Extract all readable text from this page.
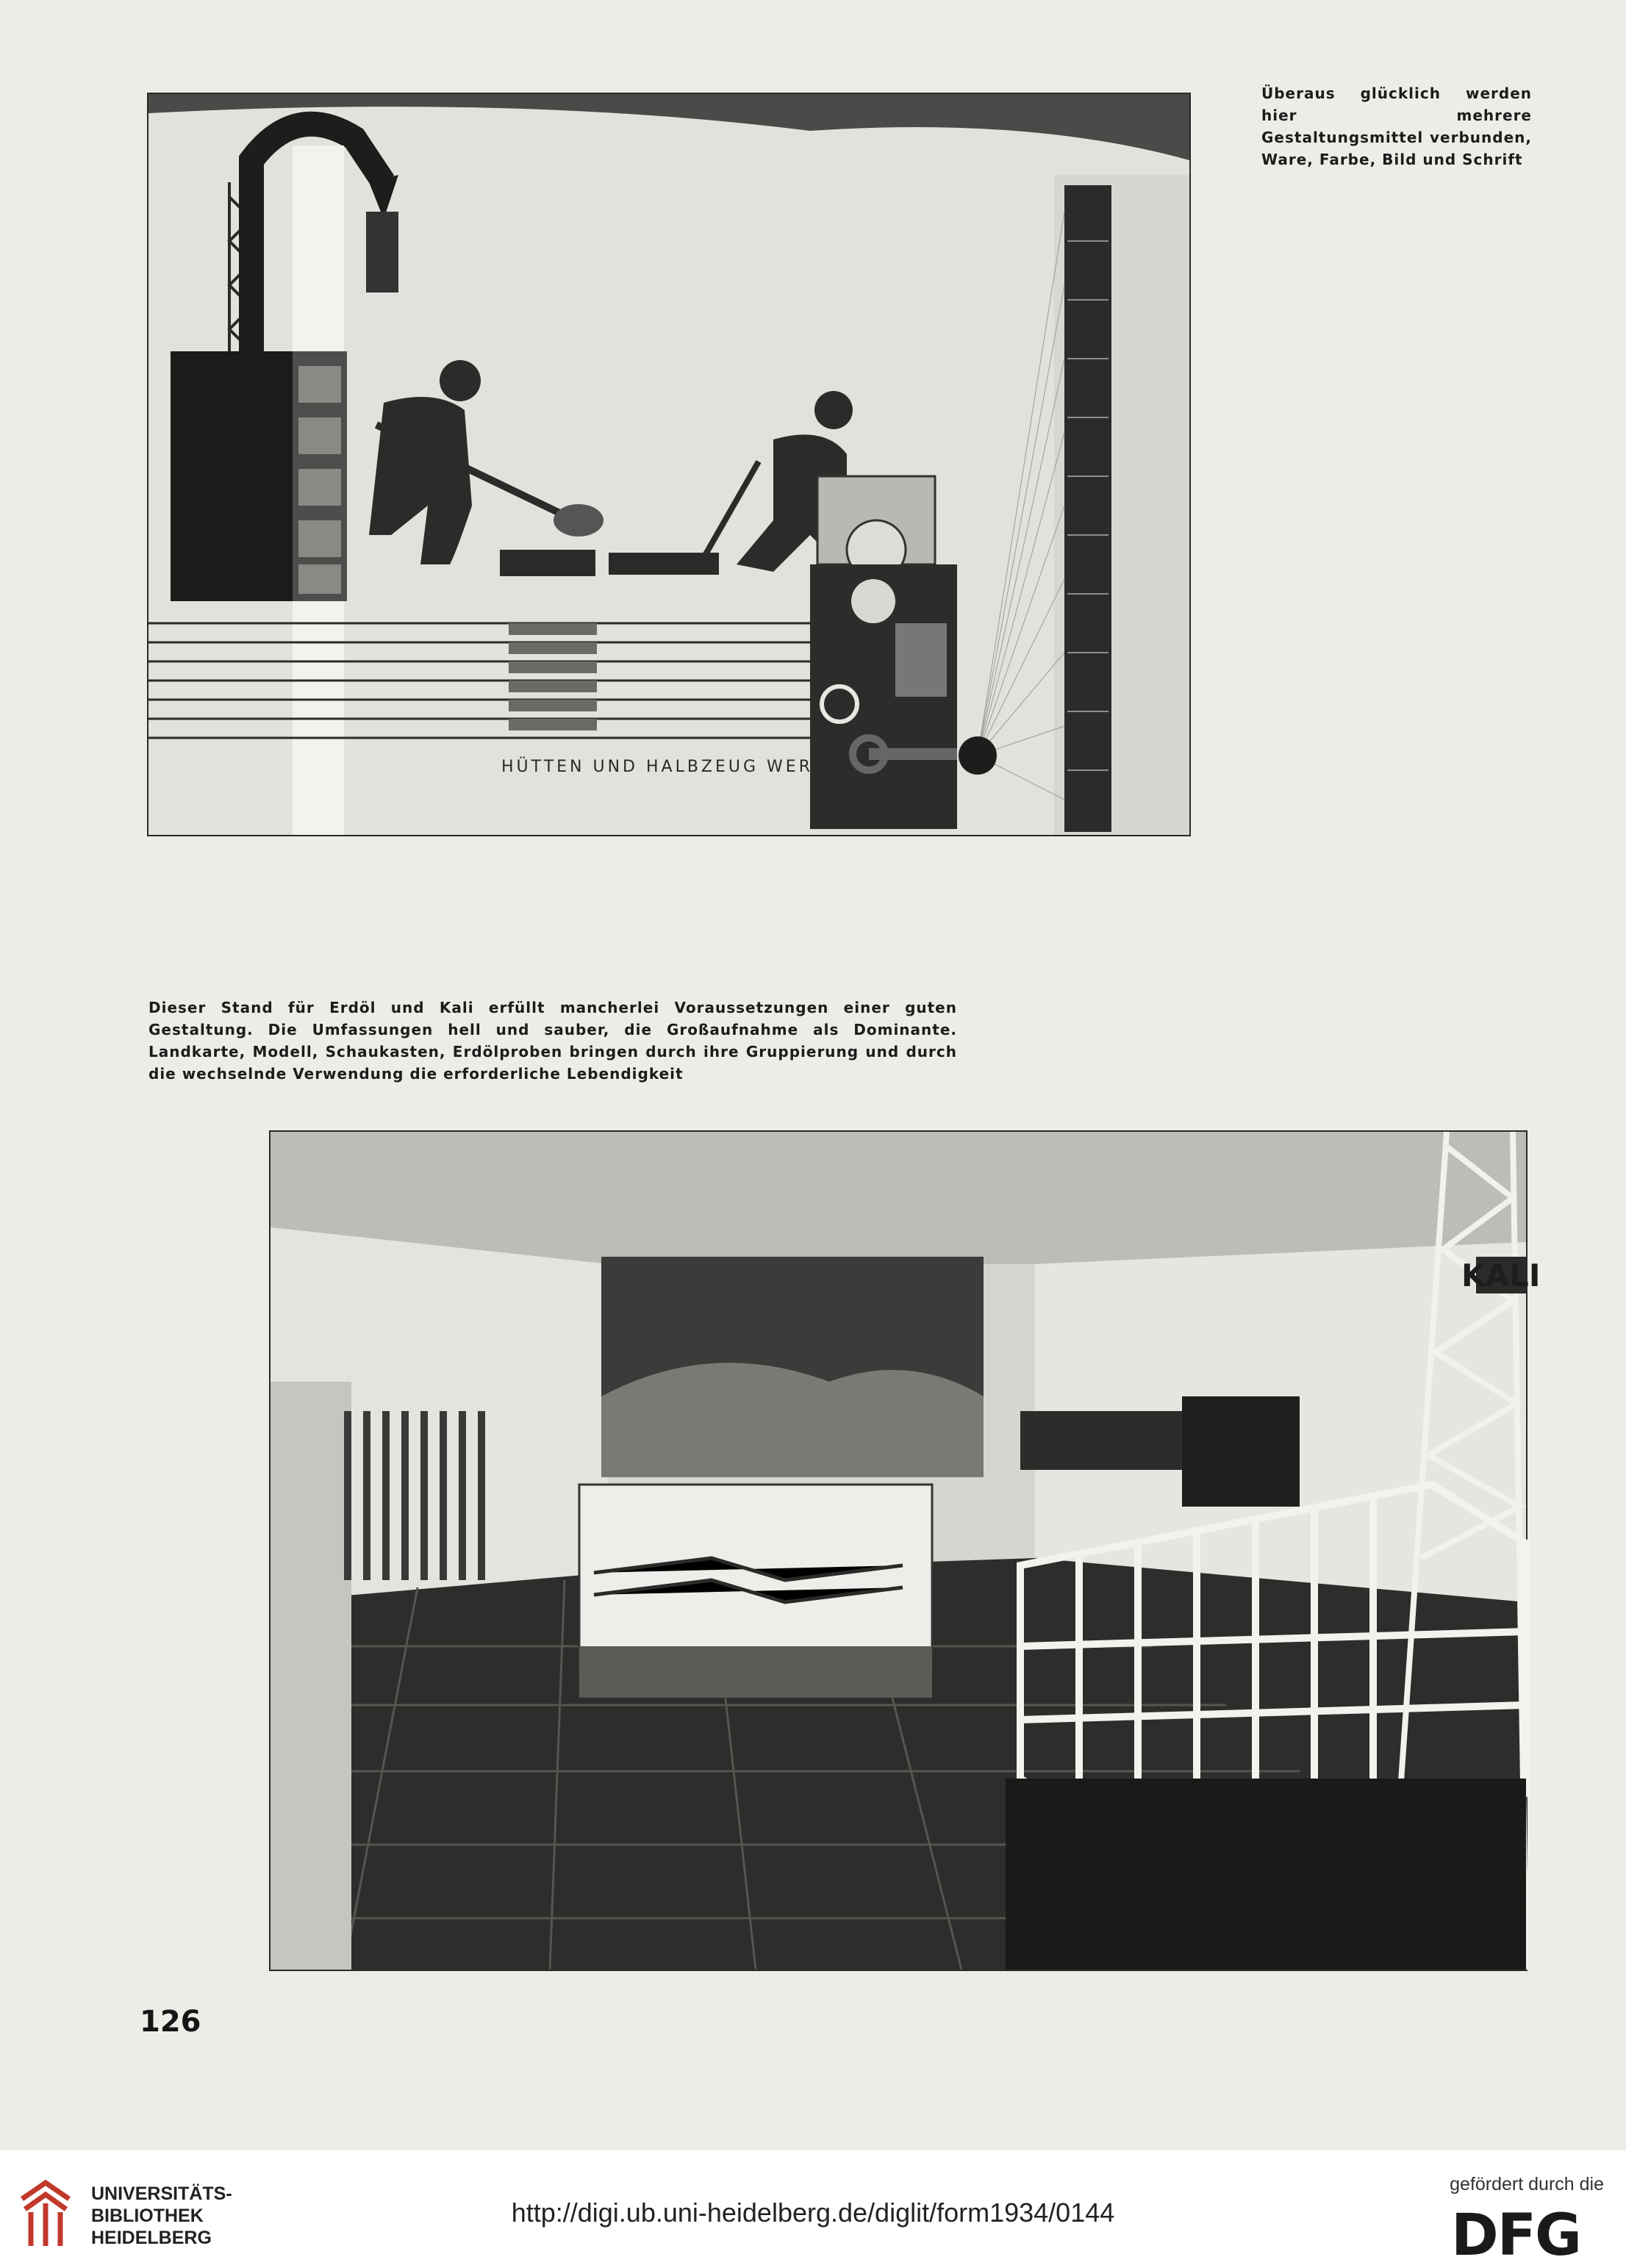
HÜTTEN UND HALBZEUG WERKE
Überaus glücklich werden hier mehrere Gestaltungsmittel verbunden, Ware, Farbe, Bild und Schrift
Dieser Stand für Erdöl und Kali erfüllt mancherlei Voraussetzungen einer guten Gestaltung. Die Umfassungen hell und sauber, die Großaufnahme als Dominante. Landkarte, Modell, Schaukasten, Erdölproben bringen durch ihre Gruppierung und durch die wechselnde Verwendung die erforderliche Lebendigkeit
KALI
126
UNIVERSITÄTS-
BIBLIOTHEK
HEIDELBERG
http://digi.ub.uni-heidelberg.de/diglit/form1934/0144
gefördert durch die
DFG
